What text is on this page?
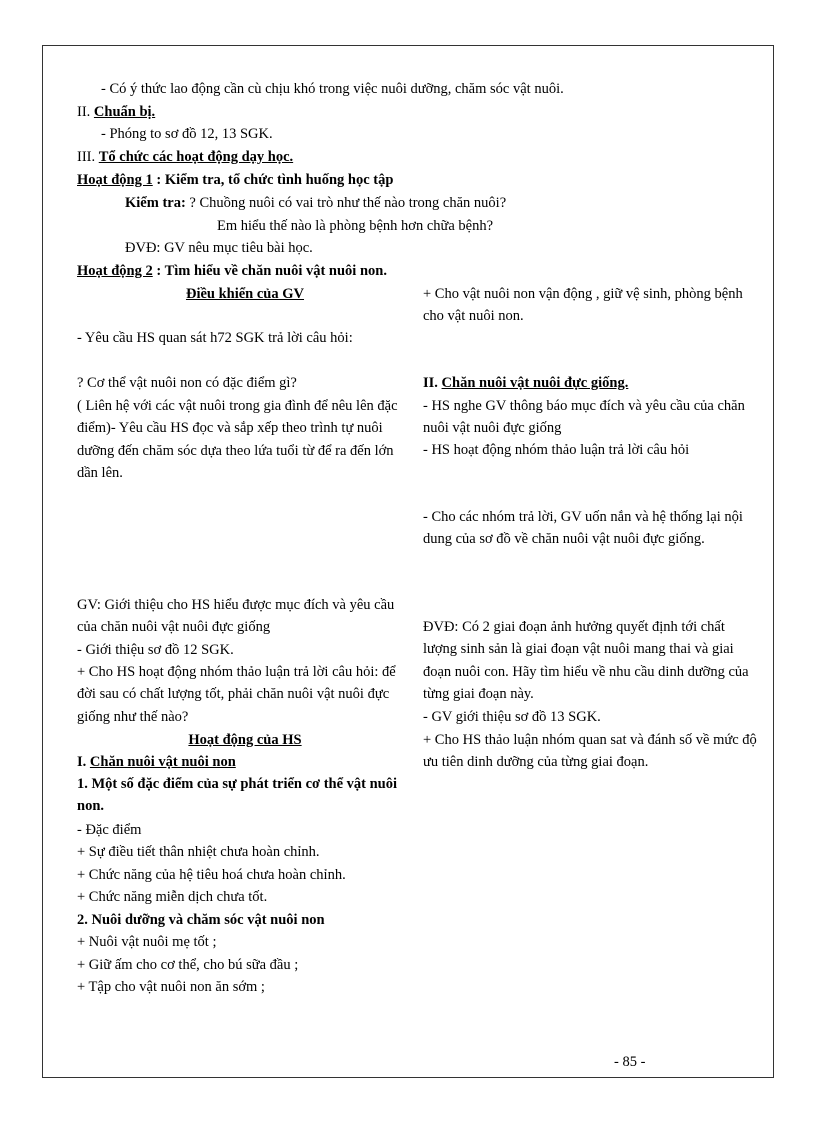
- Có ý thức lao động cần cù chịu khó trong việc nuôi dưỡng, chăm sóc vật nuôi.
II. Chuẩn bị.
- Phóng to sơ đồ 12, 13 SGK.
III. Tổ chức các hoạt động dạy học.
Hoạt động 1 : Kiểm tra, tổ chức tình huống học tập
Kiểm tra: ? Chuồng nuôi có vai trò như thế nào trong chăn nuôi?
Em hiểu thế nào là phòng bệnh hơn chữa bệnh?
ĐVĐ: GV nêu mục tiêu bài học.
Hoạt động 2 : Tìm hiểu về chăn nuôi vật nuôi non.
Điều khiển của GV
- Yêu cầu HS quan sát h72 SGK trả lời câu hỏi:
? Cơ thể vật nuôi non có đặc điểm gì?
( Liên hệ với các vật nuôi trong gia đình để nêu lên đặc điểm)- Yêu cầu HS đọc và sắp xếp theo trình tự nuôi dưỡng đến chăm sóc dựa theo lứa tuổi từ để ra đến lớn dần lên.
GV: Giới thiệu cho HS hiểu được mục đích và yêu cầu của chăn nuôi vật nuôi đực giống
- Giới thiệu sơ đồ 12 SGK.
+ Cho HS hoạt động nhóm thảo luận trả lời câu hỏi: để đời sau có chất lượng tốt, phải chăn nuôi vật nuôi đực giống như thế nào?
Hoạt động của HS
I. Chăn nuôi vật nuôi non
1. Một số đặc điểm của sự phát triển cơ thể vật nuôi non.
- Đặc điểm
+ Sự điều tiết thân nhiệt chưa hoàn chỉnh.
+ Chức năng của hệ tiêu hoá chưa hoàn chỉnh.
+ Chức năng miễn dịch chưa tốt.
2. Nuôi dưỡng và chăm sóc vật nuôi non
+ Nuôi vật nuôi mẹ tốt ;
+ Giữ ấm cho cơ thể, cho bú sữa đầu ;
+ Tập cho vật nuôi non ăn sớm ;
+ Cho vật nuôi non vận động , giữ vệ sinh, phòng bệnh cho vật nuôi non.
II. Chăn nuôi vật nuôi đực giống.
- HS nghe GV thông báo mục đích và yêu cầu của chăn nuôi vật nuôi đực giống
- HS hoạt động nhóm thảo luận trả lời câu hỏi
- Cho các nhóm trả lời, GV uốn nắn và hệ thống lại nội dung của sơ đồ về chăn nuôi vật nuôi đực giống.
ĐVĐ: Có 2 giai đoạn ảnh hưởng quyết định tới chất lượng sinh sản là giai đoạn vật nuôi mang thai và giai đoạn nuôi con. Hãy tìm hiểu về nhu cầu dinh dưỡng của từng giai đoạn này.
- GV giới thiệu sơ đồ 13 SGK.
+ Cho HS thảo luận nhóm quan sat và đánh số về mức độ ưu tiên dinh dưỡng của từng giai đoạn.
- 85 -
